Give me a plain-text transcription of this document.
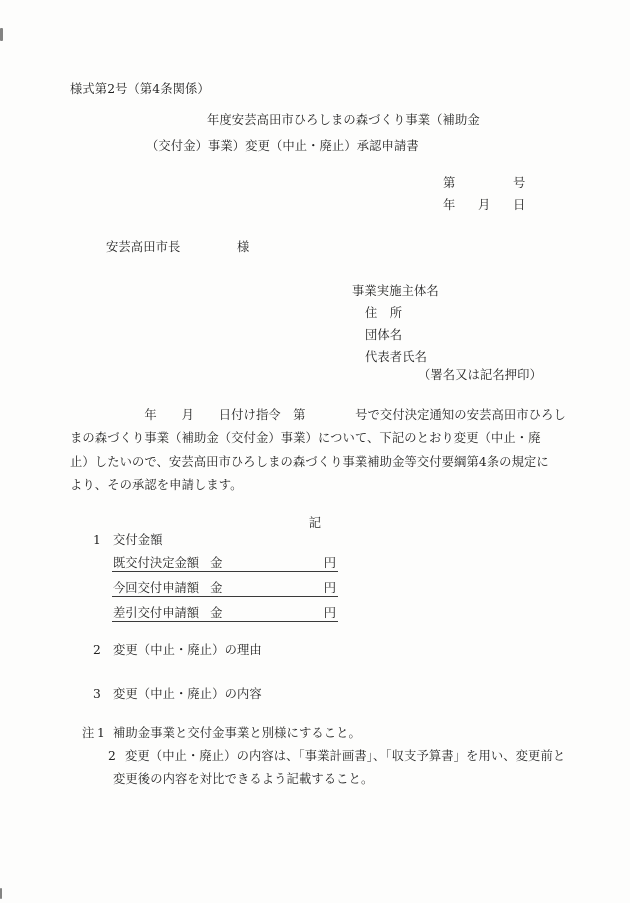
様式第2号（第4条関係）
年度安芸高田市ひろしまの森づくり事業（補助金
（交付金）事業）変更（中止・廃止）承認申請書
第	号
年 月 日
安芸高田市長	様
事業実施主体名
住　所
団体名
代表者氏名
（署名又は記名押印）
　　　　　　年　　月　　日付け指令　第　　　　号で交付決定通知の安芸高田市ひろし
まの森づくり事業（補助金（交付金）事業）について、下記のとおり変更（中止・廃
止）したいので、安芸高田市ひろしまの森づくり事業補助金等交付要綱第4条の規定に
より、その承認を申請します。
記
1 交付金額
既交付決定金額 金	円
今回交付申請額 金	円
差引交付申請額 金	円
2 変更（中止・廃止）の理由
3 変更（中止・廃止）の内容
注 1 補助金事業と交付金事業と別様にすること。
2 変更（中止・廃止）の内容は、「事業計画書」、「収支予算書」を用い、変更前と
変更後の内容を対比できるよう記載すること。
